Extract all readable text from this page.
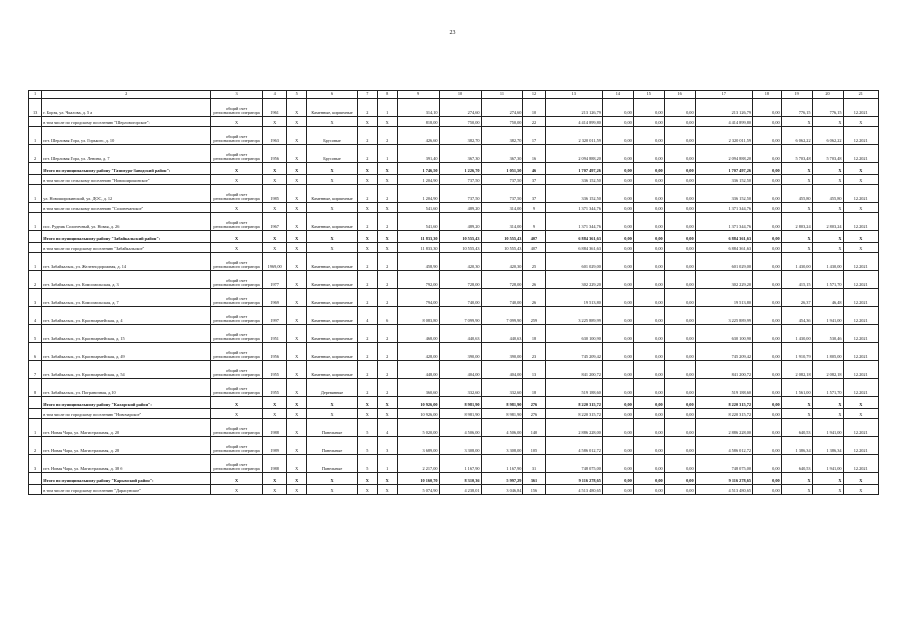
23
1	2	3	4	5	6	7	8	9	10	11	12	13	14	15	16	17	18	19	20	21
13	г. Борзя, ул. Чкалова, д. 5 а	общий счет регионального оператора	1961	X	Каменные, кирпичные	2	1	314,10	274,60	274,60	10	213 126,79	0,00	0,00	0,00	213 126,79	0,00	776,15	776,15	12.2021
	в том числе по городскому поселению "Шерловогорское":	X	X	X	X	X	X	818,00	750,00	750,00	22	4 414 899,80	0,00	0,00	0,00	4 414 899,80	0,00	X	X	X
1	пгт. Шерловая Гора, ул. Горького, д. 10	общий счет регионального оператора	1963	X	Брусовые	2	2	426,60	382,70	382,70	17	2 320 011,59	0,00	0,00	0,00	2 320 011,59	0,00	6 062,22	6 062,22	12.2021
2	пгт. Шерловая Гора, ул. Ленина, д. 7	общий счет регионального оператора	1956	X	Брусовые	2	1	391,40	367,30	367,30	16	2 094 888,20	0,00	0,00	0,00	2 094 888,20	0,00	5 703,48	5 703,48	12.2021
	Итого по муниципальному району "Газимуро-Заводский район":	X	X	X	X	X	X	1 746,50	1 226,70	1 051,50	46	1 707 497,26	0,00	0,00	0,00	1 707 497,26	0,00	X	X	X
	в том числе по сельскому поселению "Новоширокинское"	X	X	X	X	X	X	1 204,90	737,50	737,50	37	336 152,50	0,00	0,00	0,00	336 152,50	0,00	X	X	X
1	ул. Новоширокинский, ул. ДОС, д. 12	общий счет регионального оператора	1985	X	Каменные, кирпичные	2	2	1 204,90	737,50	737,50	37	336 152,50	0,00	0,00	0,00	336 152,50	0,00	455,80	455,80	12.2021
	в том числе по сельскому поселению "Солонечанское"	X	X	X	X	X	X	541,60	489,20	314,00	9	1 371 344,76	0,00	0,00	0,00	1 371 344,76	0,00	X	X	X
1	пос. Рудник Солонечный, ул. Новая, д. 26	общий счет регионального оператора	1967	X	Каменные, кирпичные	2	2	541,60	489,20	314,00	9	1 371 344,76	0,00	0,00	0,00	1 371 344,76	0,00	2 803,24	2 803,24	12.2021
	Итого по муниципальному району "Забайкальский район":	X	X	X	X	X	X	11 833,30	10 555,43	10 555,43	407	6 884 361,63	0,00	0,00	0,00	6 884 361,63	0,00	X	X	X
	в том числе по городскому поселению "Забайкальское"	X	X	X	X	X	X	11 833,30	10 555,43	10 555,43	407	6 884 361,63	0,00	0,00	0,00	6 884 361,63	0,00	X	X	X
1	пгт. Забайкальск, ул. Железнодорожная, д. 14	общий счет регионального оператора	1969,00	X	Каменные, кирпичные	2	2	458,90	420,30	420,30	25	601 029,00	0,00	0,00	0,00	601 029,00	0,00	1 430,00	1 430,00	12.2021
2	пгт. Забайкальск, ул. Комсомольская, д. 3	общий счет регионального оператора	1977	X	Каменные, кирпичные	2	2	792,00	728,00	728,00	26	302 229,20	0,00	0,00	0,00	302 229,20	0,00	415,15	1 571,70	12.2021
3	пгт. Забайкальск, ул. Комсомольская, д. 7	общий счет регионального оператора	1969	X	Каменные, кирпичные	2	2	794,00	740,00	740,00	26	19 513,80	0,00	0,00	0,00	19 513,80	0,00	26,37	46,48	12.2021
4	пгт. Забайкальск, ул. Красноармейская, д. 4	общий счет регионального оператора	1997	X	Каменные, кирпичные	4	6	8 083,80	7 099,90	7 099,90	259	3 225 889,99	0,00	0,00	0,00	3 225 889,99	0,00	454,36	1 941,00	12.2021
5	пгт. Забайкальск, ул. Красноармейская, д. 15	общий счет регионального оператора	1951	X	Каменные, кирпичные	2	2	468,00	440,63	440,63	18	630 100,90	0,00	0,00	0,00	630 100,90	0,00	1 430,00	530,46	12.2021
6	пгт. Забайкальск, ул. Красноармейская, д. 49	общий счет регионального оператора	1956	X	Каменные, кирпичные	2	2	428,00	390,00	390,00	23	745 209,42	0,00	0,00	0,00	745 209,42	0,00	1 910,79	1 805,00	12.2021
7	пгт. Забайкальск, ул. Красноармейская, д. 54	общий счет регионального оператора	1955	X	Каменные, кирпичные	2	2	448,00	404,00	404,00	13	841 200,72	0,00	0,00	0,00	841 200,72	0,00	2 082,18	2 082,18	12.2021
8	пгт. Забайкальск, ул. Пограничная, д.10	общий счет регионального оператора	1955	X	Деревянные	2	2	360,60	332,60	332,60	18	519 188,60	0,00	0,00	0,00	519 188,60	0,00	1 561,00	1 571,70	12.2021
	Итого по муниципальному району "Каларский район":	X	X	X	X	X	X	10 926,00	8 981,90	8 981,90	276	8 220 315,72	0,00	0,00	0,00	8 220 315,72	0,00	X	X	X
	в том числе по городскому поселению "Новочарское"	X	X	X	X	X	X	10 926,00	8 981,90	8 981,90	276	8 220 315,72	0,00	0,00	0,00	8 220 315,72	0,00	X	X	X
1	пгт. Новая Чара, ул. Магистральная, д. 20	общий счет регионального оператора	1988	X	Панельные	5	4	5 020,00	4 506,00	4 506,00	140	2 886 228,00	0,00	0,00	0,00	2 886 228,00	0,00	640,53	1 941,00	12.2021
2	пгт. Новая Чара, ул. Магистральная, д. 28	общий счет регионального оператора	1989	X	Панельные	5	3	3 689,00	3 308,00	3 308,00	105	4 586 012,72	0,00	0,00	0,00	4 586 012,72	0,00	1 386,34	1 386,34	12.2021
3	пгт. Новая Чара, ул. Магистральная, д. 38 б	общий счет регионального оператора	1988	X	Панельные	5	1	2 217,00	1 167,90	1 167,90	31	748 075,00	0,00	0,00	0,00	748 075,00	0,00	640,53	1 941,00	12.2021
	Итого по муниципальному району "Карымский район":	X	X	X	X	X	X	10 160,70	8 310,36	5 997,29	361	9 116 278,65	0,00	0,00	0,00	9 116 278,65	0,00	X	X	X
	в том числе по городскому поселению "Дарасунское"	X	X	X	X	X	X	5 074,90	4 238,01	3 046,84	156	4 513 480,65	0,00	0,00	0,00	4 513 480,65	0,00	X	X	X
